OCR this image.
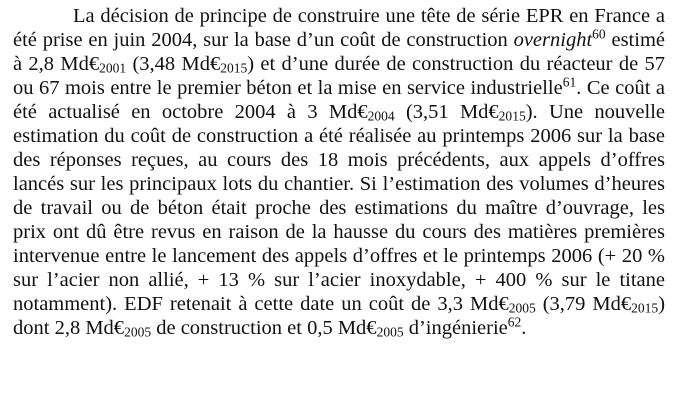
La décision de principe de construire une tête de série EPR en France a été prise en juin 2004, sur la base d’un coût de construction overnight$^{60}$ estimé à 2,8 $Md€_{2001}$ (3,48 $Md€_{2015}$) et d’une durée de construction du réacteur de 57 ou 67 mois entre le premier béton et la mise en service industrielle$^{61}$. Ce coût a été actualisé en octobre 2004 à 3 $Md€_{2004}$ (3,51 $Md€_{2015}$). Une nouvelle estimation du coût de construction a été réalisée au printemps 2006 sur la base des réponses reçues, au cours des 18 mois précédents, aux appels d’offres lancés sur les principaux lots du chantier. Si l’estimation des volumes d’heures de travail ou de béton était proche des estimations du maître d’ouvrage, les prix ont dû être revus en raison de la hausse du cours des matières premières intervenue entre le lancement des appels d’offres et le printemps 2006 (+ 20 % sur l’acier non allié, + 13 % sur l’acier inoxydable, + 400 % sur le titane notamment). EDF retenait à cette date un coût de 3,3 $Md€_{2005}$ (3,79 $Md€_{2015}$) dont 2,8 $Md€_{2005}$ de construction et 0,5 $Md€_{2005}$ d’ingénierie$^{62}$.
